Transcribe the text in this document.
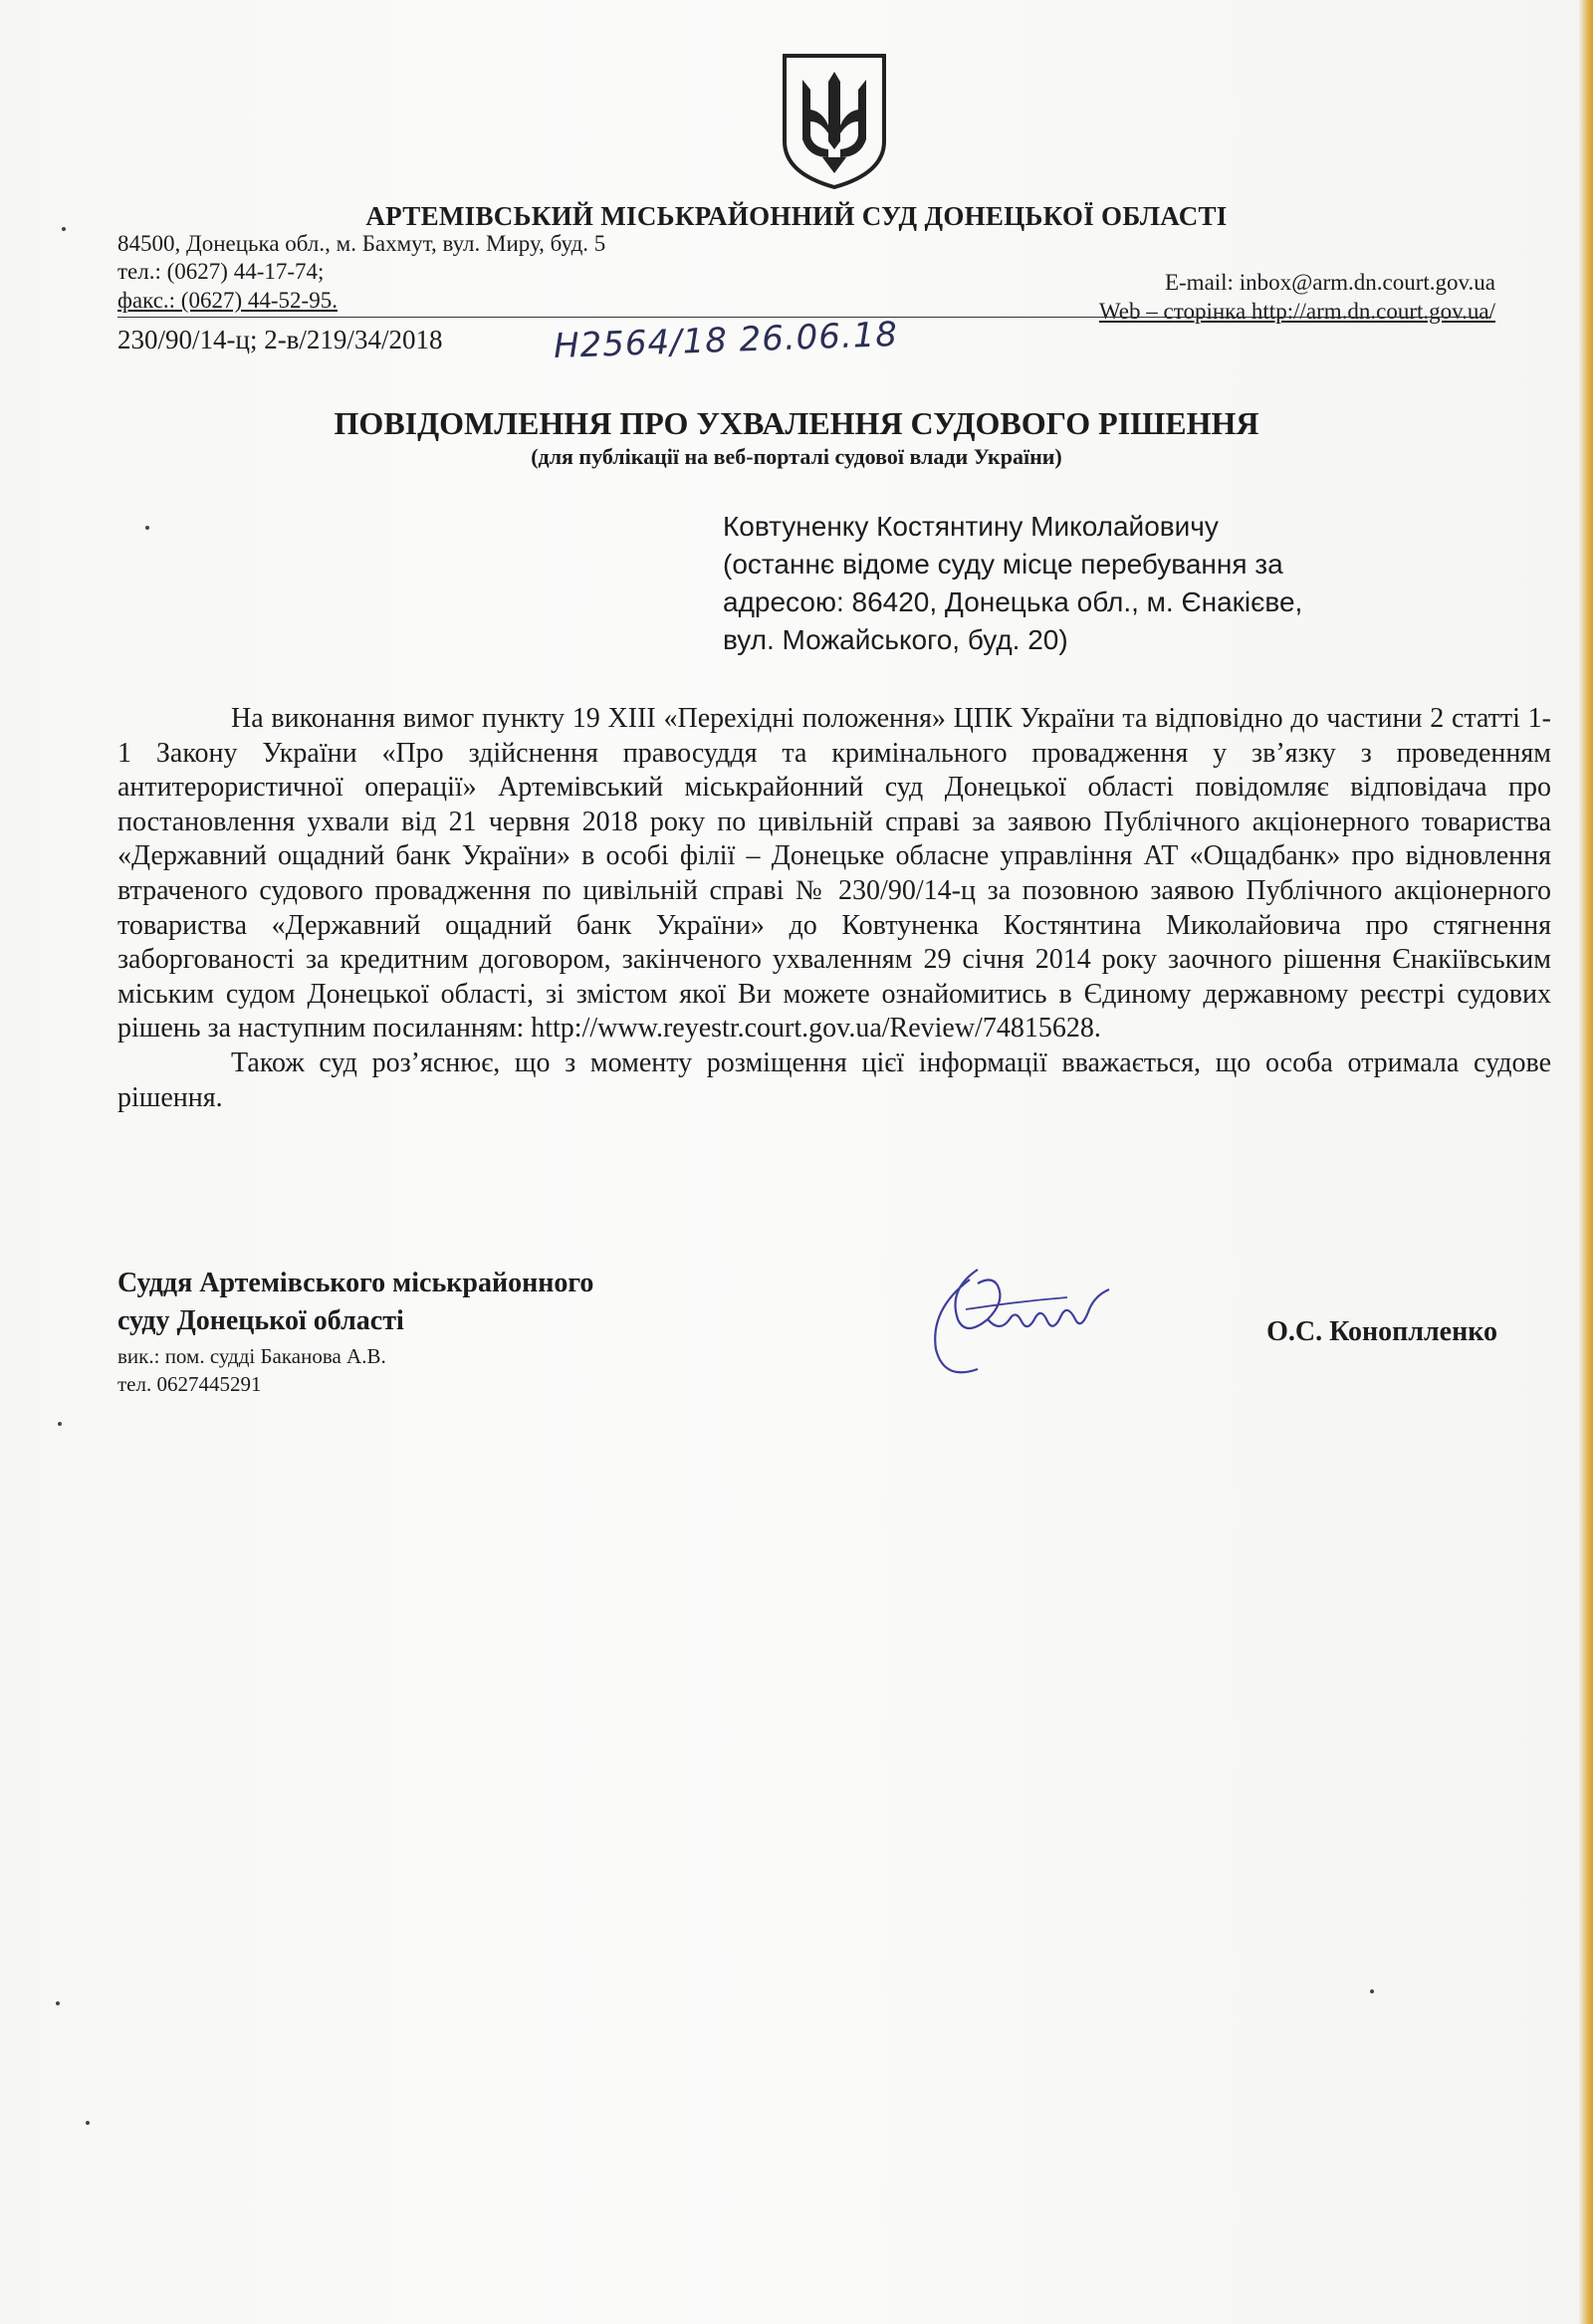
АРТЕМІВСЬКИЙ МІСЬКРАЙОННИЙ СУД ДОНЕЦЬКОЇ ОБЛАСТІ
84500, Донецька обл., м. Бахмут, вул. Миру, буд. 5
тел.: (0627) 44-17-74;
факс.: (0627) 44-52-95.
E-mail: inbox@arm.dn.court.gov.ua
Web – сторінка http://arm.dn.court.gov.ua/
230/90/14-ц; 2-в/219/34/2018	Н2564/18 26.06.18
ПОВІДОМЛЕННЯ ПРО УХВАЛЕННЯ СУДОВОГО РІШЕННЯ
(для публікації на веб-порталі судової влади України)
Ковтуненку Костянтину Миколайовичу
(останнє відоме суду місце перебування за
адресою: 86420, Донецька обл., м. Єнакієве,
вул. Можайського, буд. 20)

На виконання вимог пункту 19 XIII «Перехідні положення» ЦПК України та відповідно до частини 2 статті 1-1 Закону України «Про здійснення правосуддя та кримінального провадження у зв’язку з проведенням антитерористичної операції» Артемівський міськрайонний суд Донецької області повідомляє відповідача про постановлення ухвали від 21 червня 2018 року по цивільній справі за заявою Публічного акціонерного товариства «Державний ощадний банк України» в особі філії – Донецьке обласне управління АТ «Ощадбанк» про відновлення втраченого судового провадження по цивільній справі № 230/90/14-ц за позовною заявою Публічного акціонерного товариства «Державний ощадний банк України» до Ковтуненка Костянтина Миколайовича про стягнення заборгованості за кредитним договором, закінченого ухваленням 29 січня 2014 року заочного рішення Єнакіївським міським судом Донецької області, зі змістом якої Ви можете ознайомитись в Єдиному державному реєстрі судових рішень за наступним посиланням: http://www.reyestr.court.gov.ua/Review/74815628.

Також суд роз’яснює, що з моменту розміщення цієї інформації вважається, що особа отримала судове рішення.

Суддя Артемівського міськрайонного
суду Донецької області
вик.: пом. судді Баканова А.В.
тел. 0627445291
О.С. Коноплленко
